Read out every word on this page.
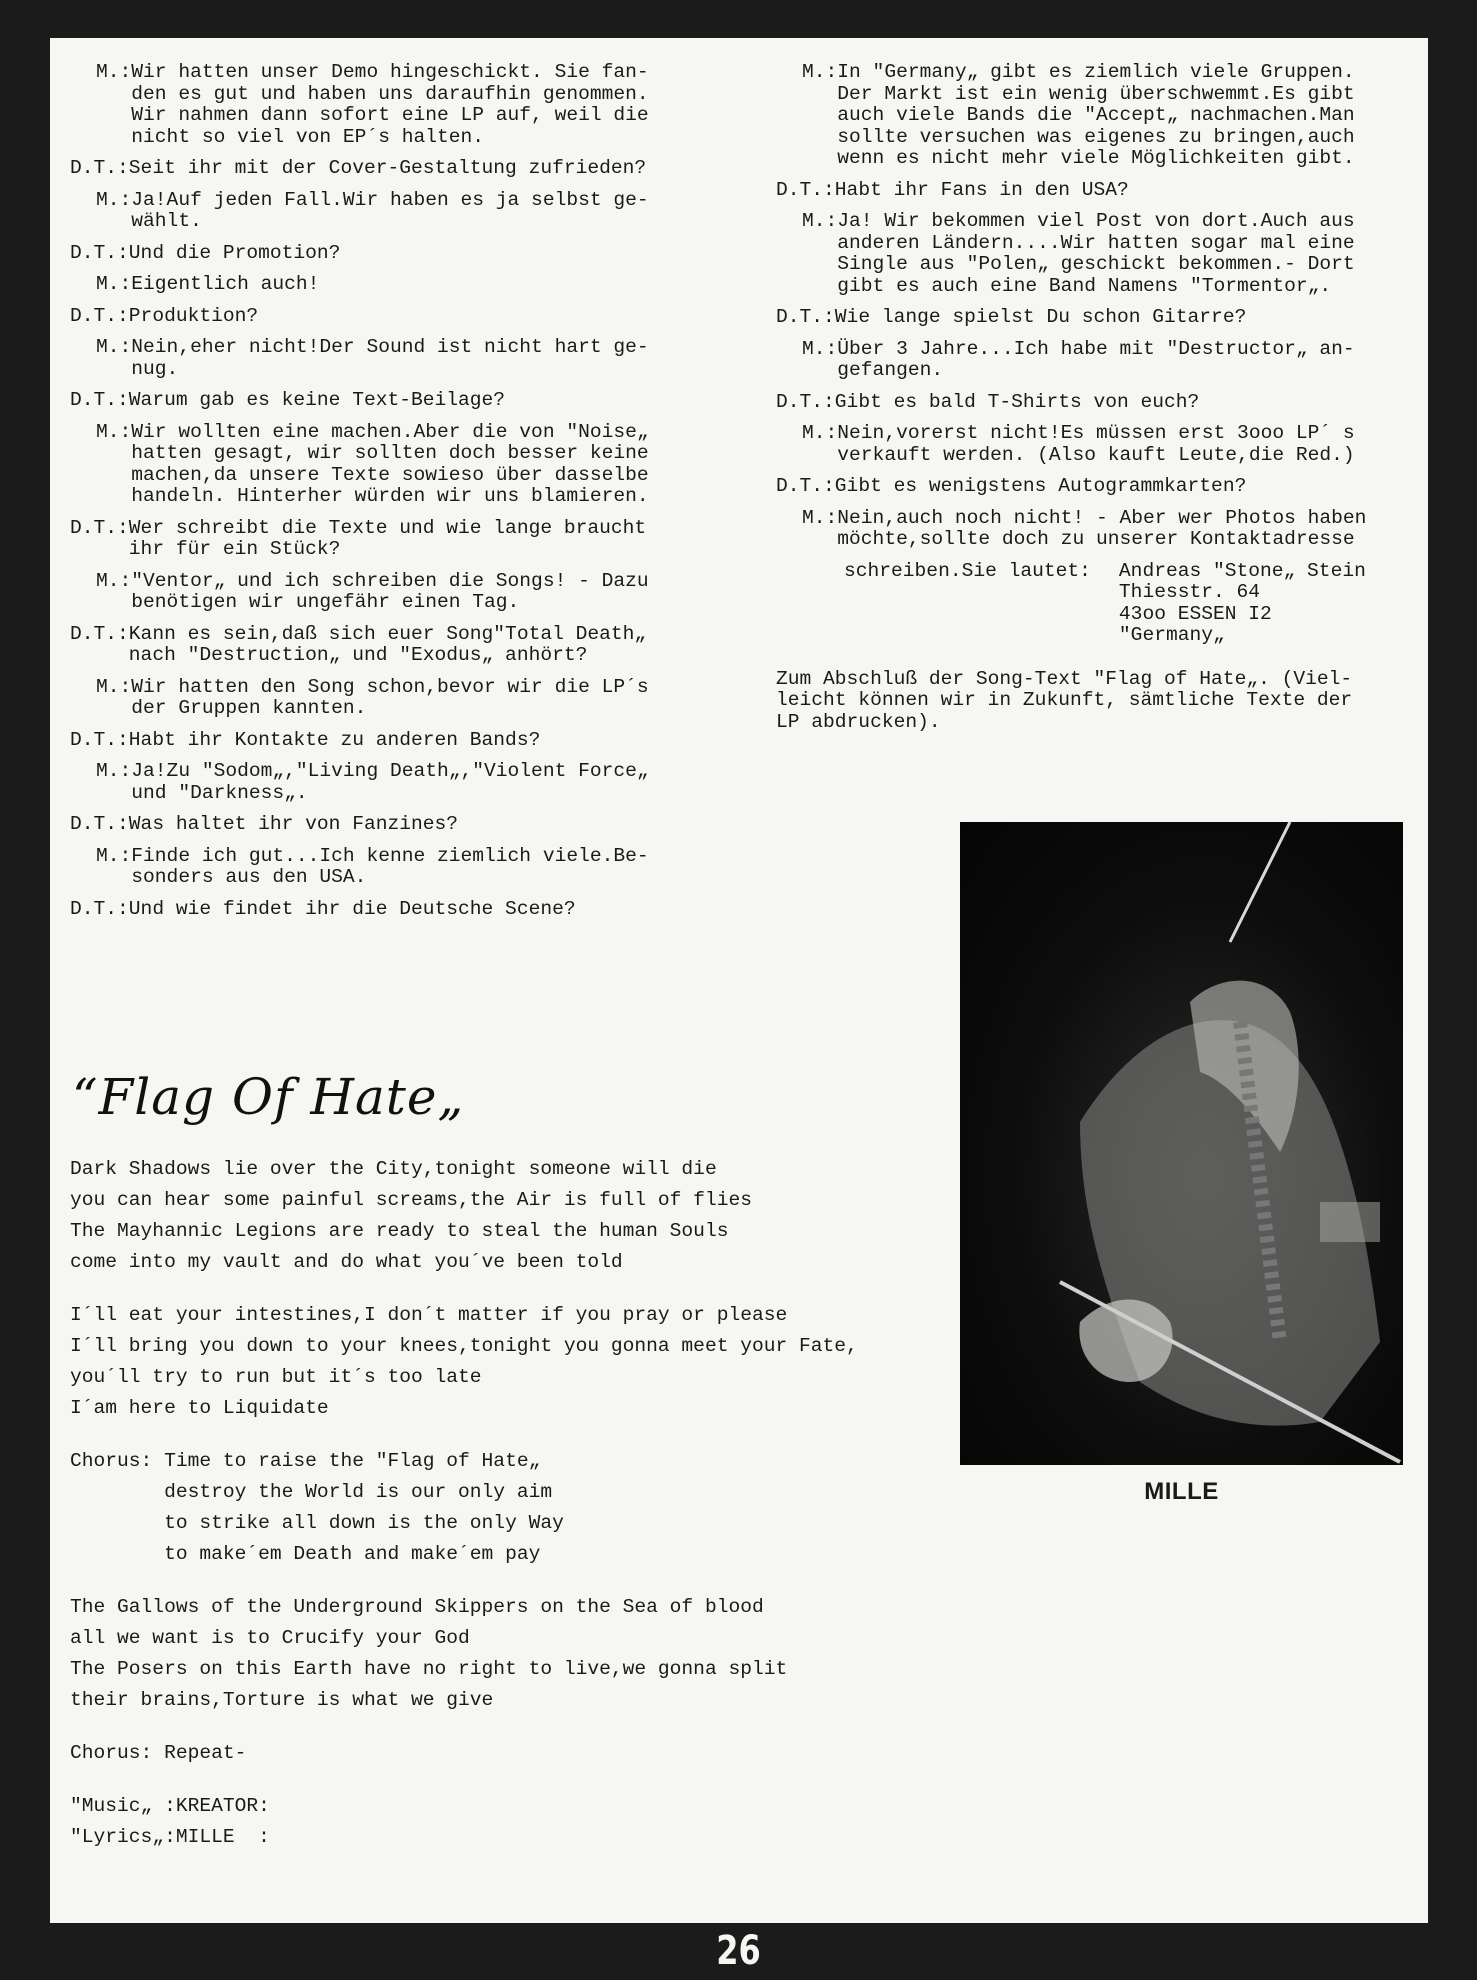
M.: Wir hatten unser Demo hingeschickt. Sie fan-
den es gut und haben uns daraufhin genommen.
Wir nahmen dann sofort eine LP auf, weil die
nicht so viel von EP´s halten.
D.T.: Seit ihr mit der Cover-Gestaltung zufrieden?
M.: Ja!Auf jeden Fall.Wir haben es ja selbst ge-
wählt.
D.T.: Und die Promotion?
M.: Eigentlich auch!
D.T.: Produktion?
M.: Nein,eher nicht!Der Sound ist nicht hart ge-
nug.
D.T.: Warum gab es keine Text-Beilage?
M.: Wir wollten eine machen.Aber die von "Noise„
hatten gesagt, wir sollten doch besser keine
machen,da unsere Texte sowieso über dasselbe
handeln. Hinterher würden wir uns blamieren.
D.T.: Wer schreibt die Texte und wie lange braucht
ihr für ein Stück?
M.: "Ventor„ und ich schreiben die Songs! - Dazu
benötigen wir ungefähr einen Tag.
D.T.: Kann es sein,daß sich euer Song"Total Death„
nach "Destruction„ und "Exodus„ anhört?
M.: Wir hatten den Song schon,bevor wir die LP´s
der Gruppen kannten.
D.T.: Habt ihr Kontakte zu anderen Bands?
M.: Ja!Zu "Sodom„,"Living Death„,"Violent Force„
und "Darkness„.
D.T.: Was haltet ihr von Fanzines?
M.: Finde ich gut...Ich kenne ziemlich viele.Be-
sonders aus den USA.
D.T.: Und wie findet ihr die Deutsche Scene?
M.: In "Germany„ gibt es ziemlich viele Gruppen.
Der Markt ist ein wenig überschwemmt.Es gibt
auch viele Bands die "Accept„ nachmachen.Man
sollte versuchen was eigenes zu bringen,auch
wenn es nicht mehr viele Möglichkeiten gibt.
D.T.: Habt ihr Fans in den USA?
M.: Ja! Wir bekommen viel Post von dort.Auch aus
anderen Ländern....Wir hatten sogar mal eine
Single aus "Polen„ geschickt bekommen.- Dort
gibt es auch eine Band Namens "Tormentor„.
D.T.: Wie lange spielst Du schon Gitarre?
M.: Über 3 Jahre...Ich habe mit "Destructor„ an-
gefangen.
D.T.: Gibt es bald T-Shirts von euch?
M.: Nein,vorerst nicht!Es müssen erst 3ooo LP´ s
verkauft werden. (Also kauft Leute,die Red.)
D.T.: Gibt es wenigstens Autogrammkarten?
M.: Nein,auch noch nicht! - Aber wer Photos haben
möchte,sollte doch zu unserer Kontaktadresse
schreiben.Sie lautet: Andreas "Stone„ Stein
Thiesstr. 64
43oo ESSEN I2
"Germany„
Zum Abschluß der Song-Text "Flag of Hate„. (Viel-
leicht können wir in Zukunft, sämtliche Texte der
LP abdrucken).
MILLE
“Flag Of Hate„
Dark Shadows lie over the City,tonight someone will die
you can hear some painful screams,the Air is full of flies
The Mayhannic Legions are ready to steal the human Souls
come into my vault and do what you´ve been told
I´ll eat your intestines,I don´t matter if you pray or please
I´ll bring you down to your knees,tonight you gonna meet your Fate,
you´ll try to run but it´s too late
I´am here to Liquidate
Chorus: Time to raise the "Flag of Hate„
destroy the World is our only aim
to strike all down is the only Way
to make´em Death and make´em pay
The Gallows of the Underground Skippers on the Sea of blood
all we want is to Crucify your God
The Posers on this Earth have no right to live,we gonna split
their brains,Torture is what we give
Chorus: Repeat-
"Music„ :KREATOR:
"Lyrics„:MILLE  :
26
